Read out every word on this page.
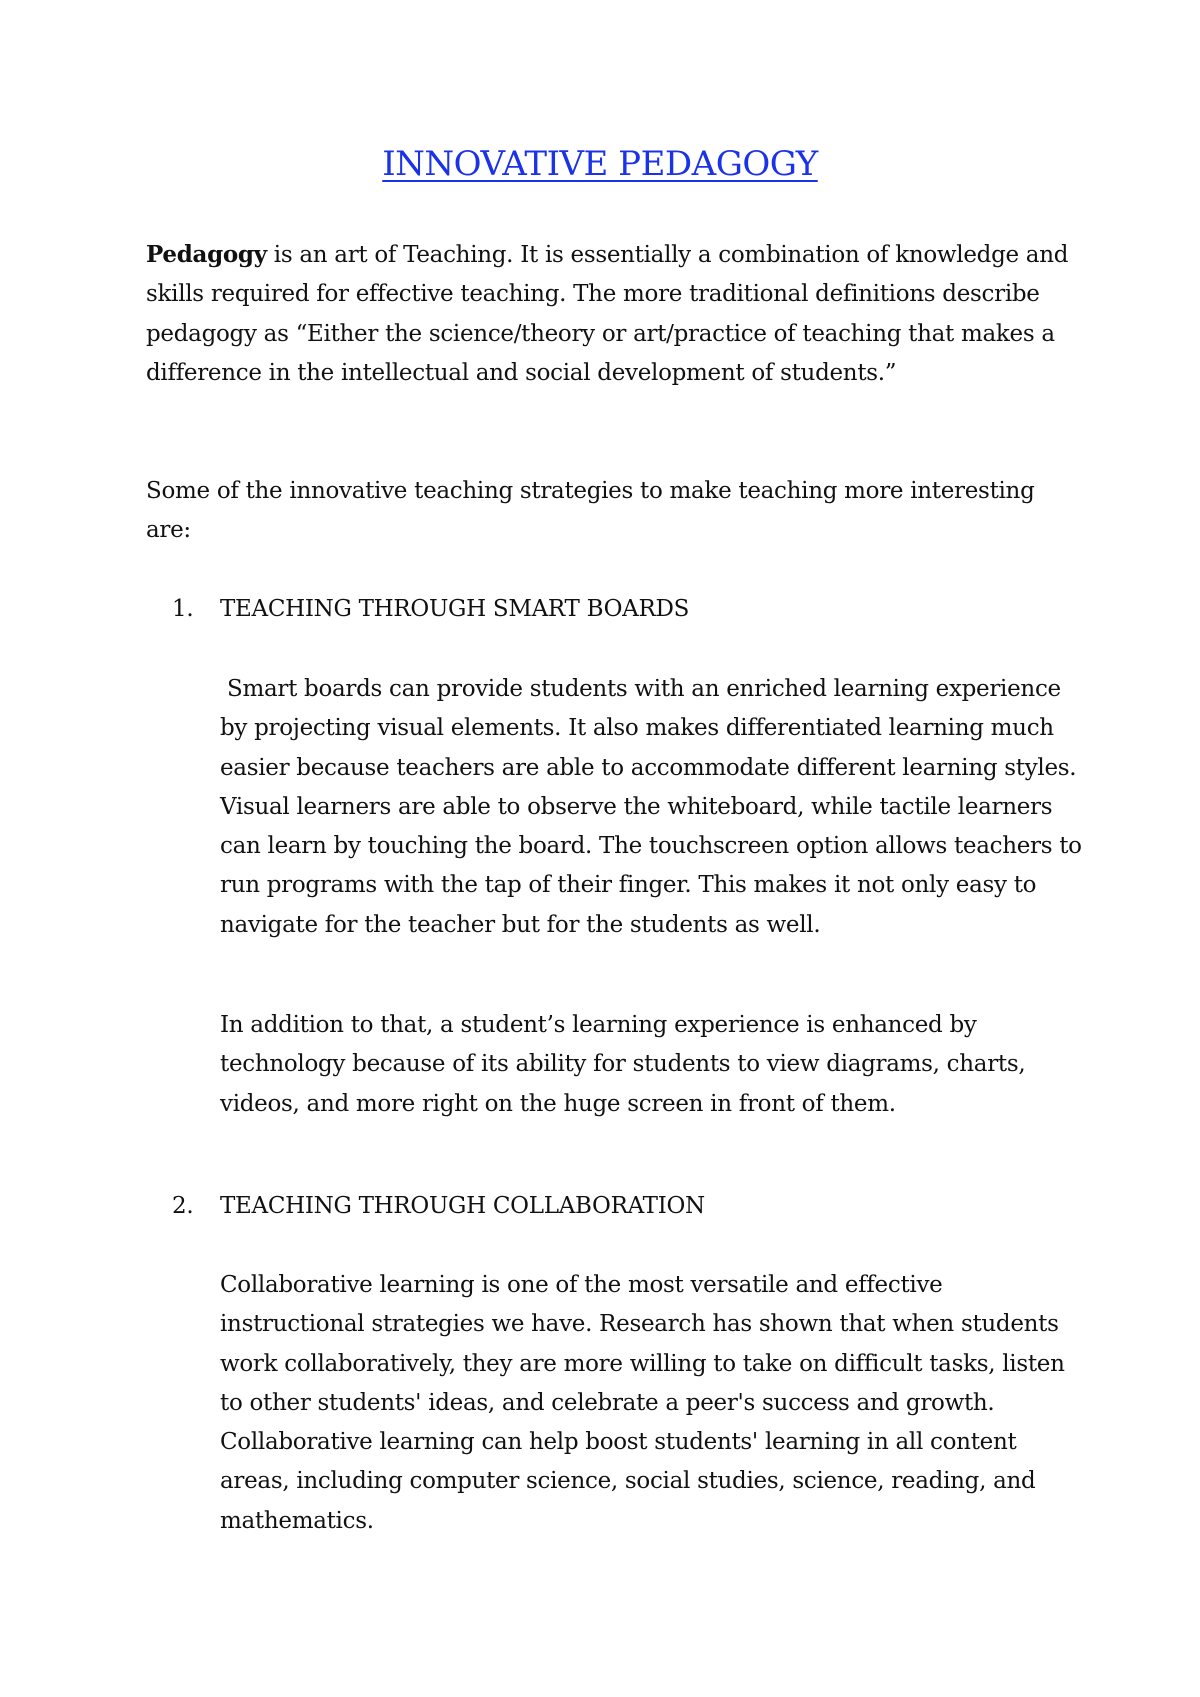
INNOVATIVE PEDAGOGY

Pedagogy is an art of Teaching. It is essentially a combination of knowledge and skills required for effective teaching. The more traditional definitions describe pedagogy as “Either the science/theory or art/practice of teaching that makes a difference in the intellectual and social development of students.”

Some of the innovative teaching strategies to make teaching more interesting are:

1. TEACHING THROUGH SMART BOARDS

Smart boards can provide students with an enriched learning experience by projecting visual elements. It also makes differentiated learning much easier because teachers are able to accommodate different learning styles. Visual learners are able to observe the whiteboard, while tactile learners can learn by touching the board. The touchscreen option allows teachers to run programs with the tap of their finger. This makes it not only easy to navigate for the teacher but for the students as well.

In addition to that, a student’s learning experience is enhanced by technology because of its ability for students to view diagrams, charts, videos, and more right on the huge screen in front of them.

2. TEACHING THROUGH COLLABORATION

Collaborative learning is one of the most versatile and effective instructional strategies we have. Research has shown that when students work collaboratively, they are more willing to take on difficult tasks, listen to other students' ideas, and celebrate a peer's success and growth. Collaborative learning can help boost students' learning in all content areas, including computer science, social studies, science, reading, and mathematics.
